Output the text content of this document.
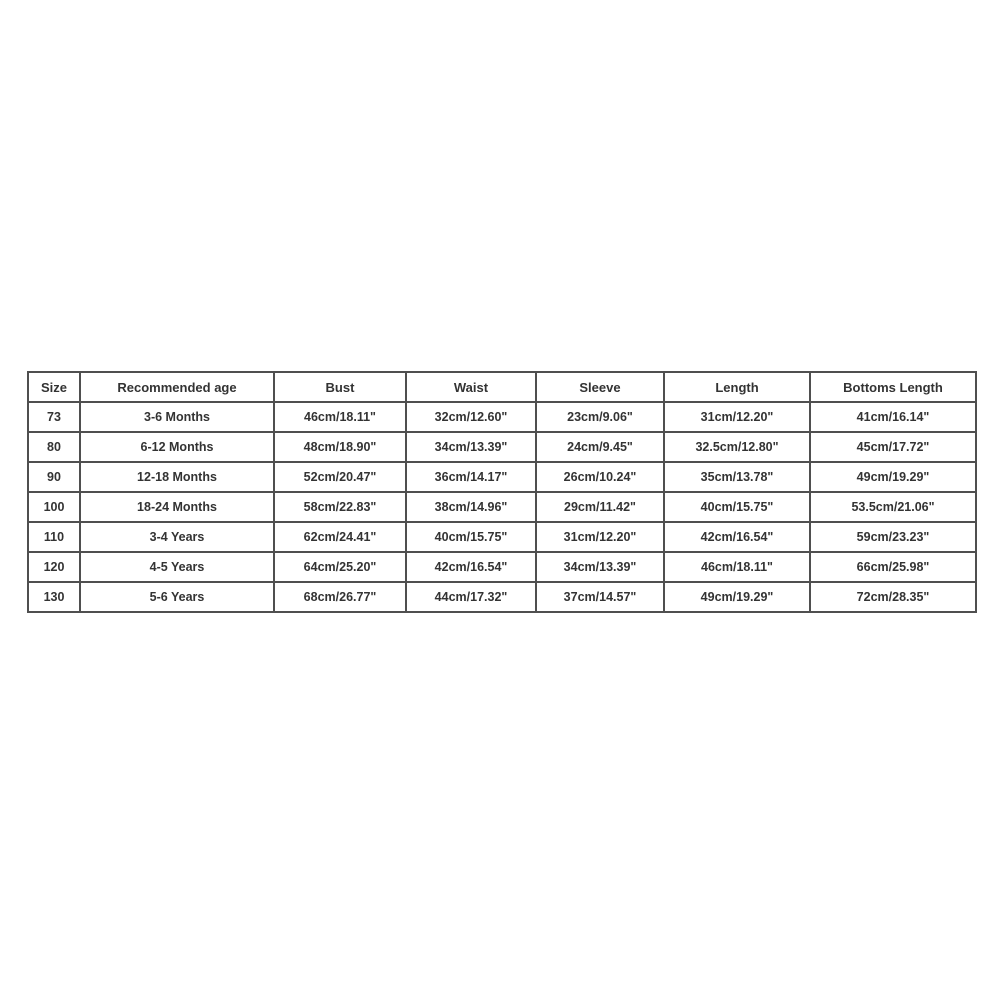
Size	Recommended age	Bust	Waist	Sleeve	Length	Bottoms Length
73	3-6 Months	46cm/18.11"	32cm/12.60"	23cm/9.06"	31cm/12.20"	41cm/16.14"
80	6-12 Months	48cm/18.90"	34cm/13.39"	24cm/9.45"	32.5cm/12.80"	45cm/17.72"
90	12-18 Months	52cm/20.47"	36cm/14.17"	26cm/10.24"	35cm/13.78"	49cm/19.29"
100	18-24 Months	58cm/22.83"	38cm/14.96"	29cm/11.42"	40cm/15.75"	53.5cm/21.06"
110	3-4 Years	62cm/24.41"	40cm/15.75"	31cm/12.20"	42cm/16.54"	59cm/23.23"
120	4-5 Years	64cm/25.20"	42cm/16.54"	34cm/13.39"	46cm/18.11"	66cm/25.98"
130	5-6 Years	68cm/26.77"	44cm/17.32"	37cm/14.57"	49cm/19.29"	72cm/28.35"
